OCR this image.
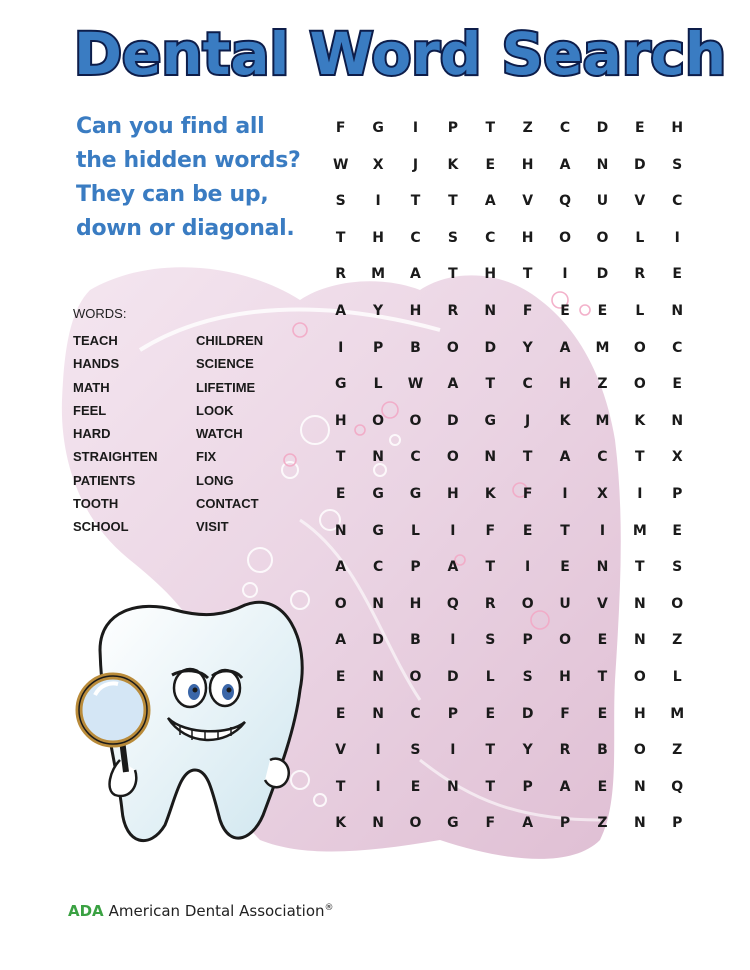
Dental Word Search
Can you find all
the hidden words?
They can be up,
down or diagonal.
WORDS:
TEACH
HANDS
MATH
FEEL
HARD
STRAIGHTEN
PATIENTS
TOOTH
SCHOOL
CHILDREN
SCIENCE
LIFETIME
LOOK
WATCH
FIX
LONG
CONTACT
VISIT
F	G	I	P	T	Z	C	D	E	H
W	X	J	K	E	H	A	N	D	S
S	I	T	T	A	V	Q	U	V	C
T	H	C	S	C	H	O	O	L	I
R	M	A	T	H	T	I	D	R	E
A	Y	H	R	N	F	E	E	L	N
I	P	B	O	D	Y	A	M	O	C
G	L	W	A	T	C	H	Z	O	E
H	O	O	D	G	J	K	M	K	N
T	N	C	O	N	T	A	C	T	X
E	G	G	H	K	F	I	X	I	P
N	G	L	I	F	E	T	I	M	E
A	C	P	A	T	I	E	N	T	S
O	N	H	Q	R	O	U	V	N	O
A	D	B	I	S	P	O	E	N	Z
E	N	O	D	L	S	H	T	O	L
E	N	C	P	E	D	F	E	H	M
V	I	S	I	T	Y	R	B	O	Z
T	I	E	N	T	P	A	E	N	Q
K	N	O	G	F	A	P	Z	N	P
ADA American Dental Association®
